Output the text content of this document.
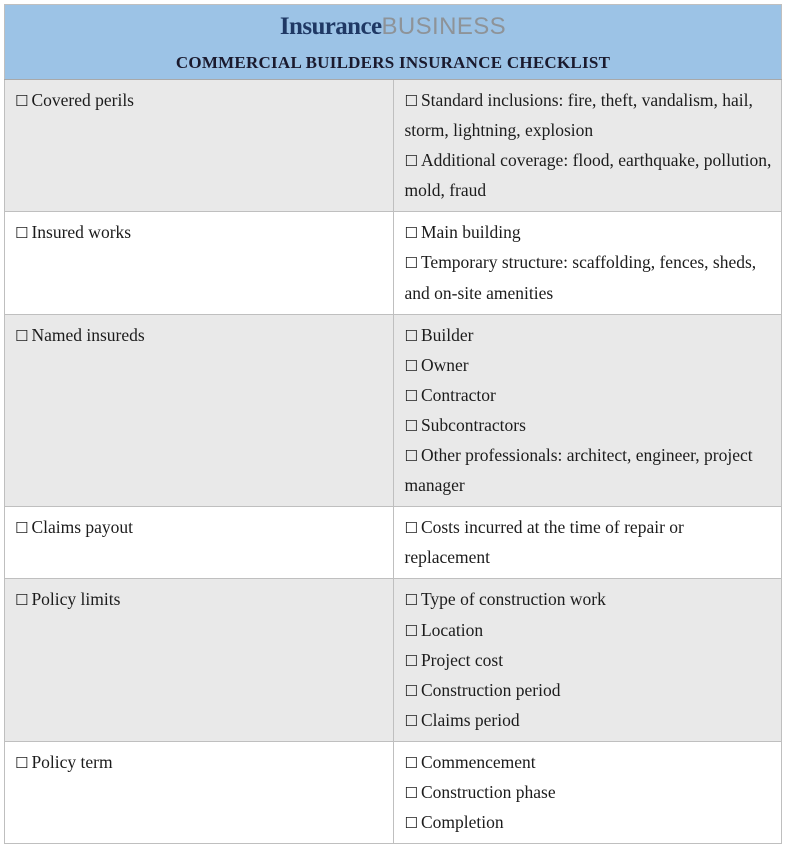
InsuranceBUSINESS	
COMMERCIAL BUILDERS INSURANCE CHECKLIST	

☐ Covered perils	☐ Standard inclusions: fire, theft, vandalism, hail, storm, lightning, explosion
☐ Additional coverage: flood, earthquake, pollution, mold, fraud

☐ Insured works	☐ Main building
☐ Temporary structure: scaffolding, fences, sheds, and on-site amenities

☐ Named insureds	☐ Builder
☐ Owner
☐ Contractor
☐ Subcontractors
☐ Other professionals: architect, engineer, project manager

☐ Claims payout	☐ Costs incurred at the time of repair or replacement

☐ Policy limits	☐ Type of construction work
☐ Location
☐ Project cost
☐ Construction period
☐ Claims period

☐ Policy term	☐ Commencement
☐ Construction phase
☐ Completion
